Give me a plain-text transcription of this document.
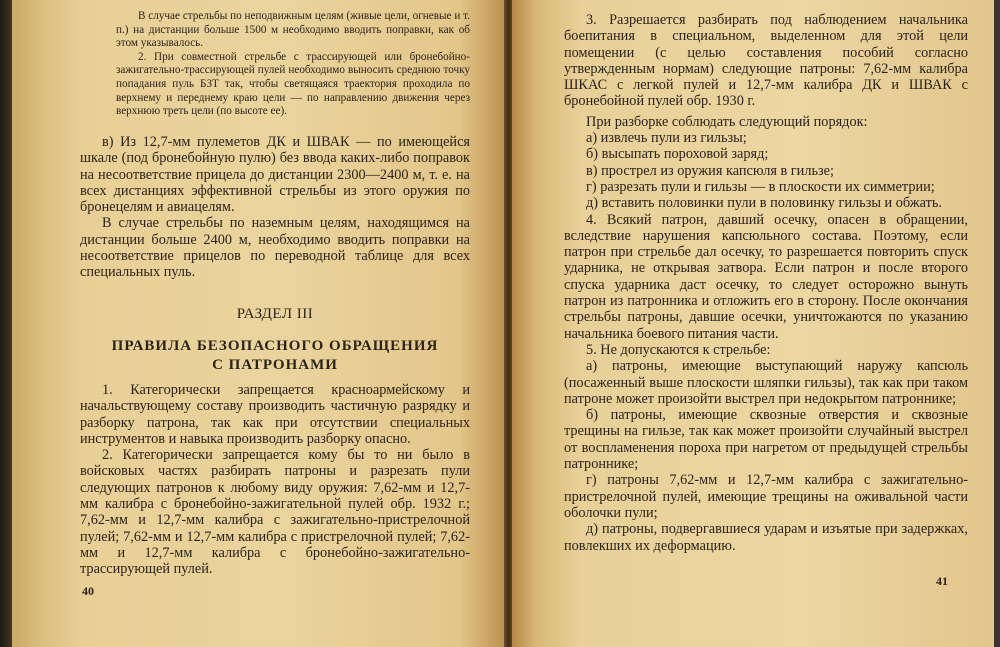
В случае стрельбы по неподвижным целям (живые цели, огневые и т. п.) на дистанции больше 1500 м необходимо вводить поправки, как об этом указывалось.

2. При совместной стрельбе с трассирующей или бронебойно-зажигательно-трассирующей пулей необходимо выносить среднюю точку попадания пуль БЗТ так, чтобы светящаяся траектория проходила по верхнему и переднему краю цели — по направлению движения через верхнюю треть цели (по высоте ее).

в) Из 12,7-мм пулеметов ДК и ШВАК — по имеющейся шкале (под бронебойную пулю) без ввода каких-либо поправок на несоответствие прицела до дистанции 2300—2400 м, т. е. на всех дистанциях эффективной стрельбы из этого оружия по бронецелям и авиацелям.

В случае стрельбы по наземным целям, находящимся на дистанции больше 2400 м, необходимо вводить поправки на несоответствие прицелов по переводной таблице для всех специальных пуль.

РАЗДЕЛ III

ПРАВИЛА БЕЗОПАСНОГО ОБРАЩЕНИЯ

С ПАТРОНАМИ

1. Категорически запрещается красноармейскому и начальствующему составу производить частичную разрядку и разборку патрона, так как при отсутствии специальных инструментов и навыка производить разборку опасно.

2. Категорически запрещается кому бы то ни было в войсковых частях разбирать патроны и разрезать пули следующих патронов к любому виду оружия: 7,62-мм и 12,7-мм калибра с бронебойно-зажигательной пулей обр. 1932 г.; 7,62-мм и 12,7-мм калибра с зажигательно-пристрелочной пулей; 7,62-мм и 12,7-мм калибра с пристрелочной пулей; 7,62-мм и 12,7-мм калибра с бронебойно-зажигательно-трассирующей пулей.

40

3. Разрешается разбирать под наблюдением начальника боепитания в специальном, выделенном для этой цели помещении (с целью составления пособий согласно утвержденным нормам) следующие патроны: 7,62-мм калибра ШКАС с легкой пулей и 12,7-мм калибра ДК и ШВАК с бронебойной пулей обр. 1930 г.

При разборке соблюдать следующий порядок:

а) извлечь пули из гильзы;

б) высыпать пороховой заряд;

в) прострел из оружия капсюля в гильзе;

г) разрезать пули и гильзы — в плоскости их симметрии;

д) вставить половинки пули в половинку гильзы и обжать.

4. Всякий патрон, давший осечку, опасен в обращении, вследствие нарушения капсюльного состава. Поэтому, если патрон при стрельбе дал осечку, то разрешается повторить спуск ударника, не открывая затвора. Если патрон и после второго спуска ударника даст осечку, то следует осторожно вынуть патрон из патронника и отложить его в сторону. После окончания стрельбы патроны, давшие осечки, уничтожаются по указанию начальника боевого питания части.

5. Не допускаются к стрельбе:

а) патроны, имеющие выступающий наружу капсюль (посаженный выше плоскости шляпки гильзы), так как при таком патроне может произойти выстрел при недокрытом патроннике;

б) патроны, имеющие сквозные отверстия и сквозные трещины на гильзе, так как может произойти случайный выстрел от воспламенения пороха при нагретом от предыдущей стрельбы патроннике;

г) патроны 7,62-мм и 12,7-мм калибра с зажигательно-пристрелочной пулей, имеющие трещины на оживальной части оболочки пули;

д) патроны, подвергавшиеся ударам и изъятые при задержках, повлекших их деформацию.

41
